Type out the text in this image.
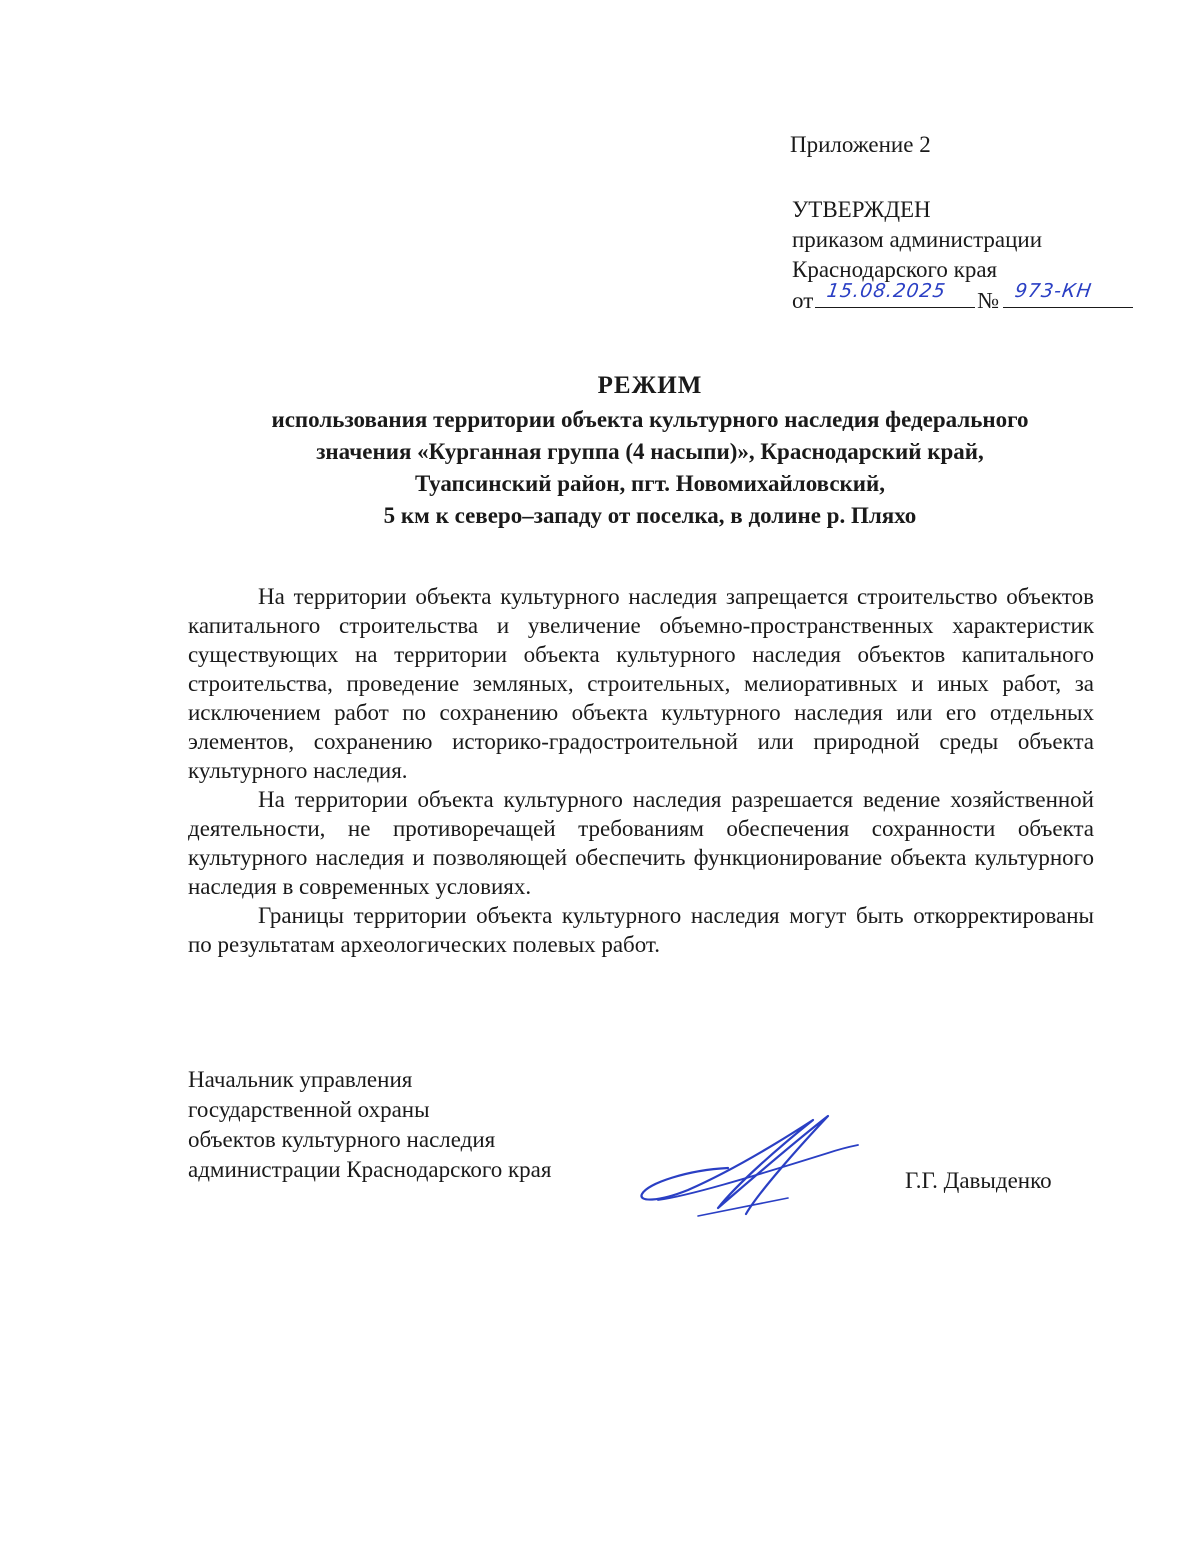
Приложение 2
УТВЕРЖДЕН
приказом администрации
Краснодарского края
от 15.08.2025 № 973-КН
РЕЖИМ
использования территории объекта культурного наследия федерального
значения «Курганная группа (4 насыпи)», Краснодарский край,
Туапсинский район, пгт. Новомихайловский,
5 км к северо–западу от поселка, в долине р. Пляхо

На территории объекта культурного наследия запрещается строительство объектов капитального строительства и увеличение объемно-пространственных характеристик существующих на территории объекта культурного наследия объектов капитального строительства, проведение земляных, строительных, мелиоративных и иных работ, за исключением работ по сохранению объекта культурного наследия или его отдельных элементов, сохранению историко-градостроительной или природной среды объекта культурного наследия.

На территории объекта культурного наследия разрешается ведение хозяйственной деятельности, не противоречащей требованиям обеспечения сохранности объекта культурного наследия и позволяющей обеспечить функционирование объекта культурного наследия в современных условиях.

Границы территории объекта культурного наследия могут быть откорректированы по результатам археологических полевых работ.

Начальник управления
государственной охраны
объектов культурного наследия
администрации Краснодарского края	Г.Г. Давыденко
